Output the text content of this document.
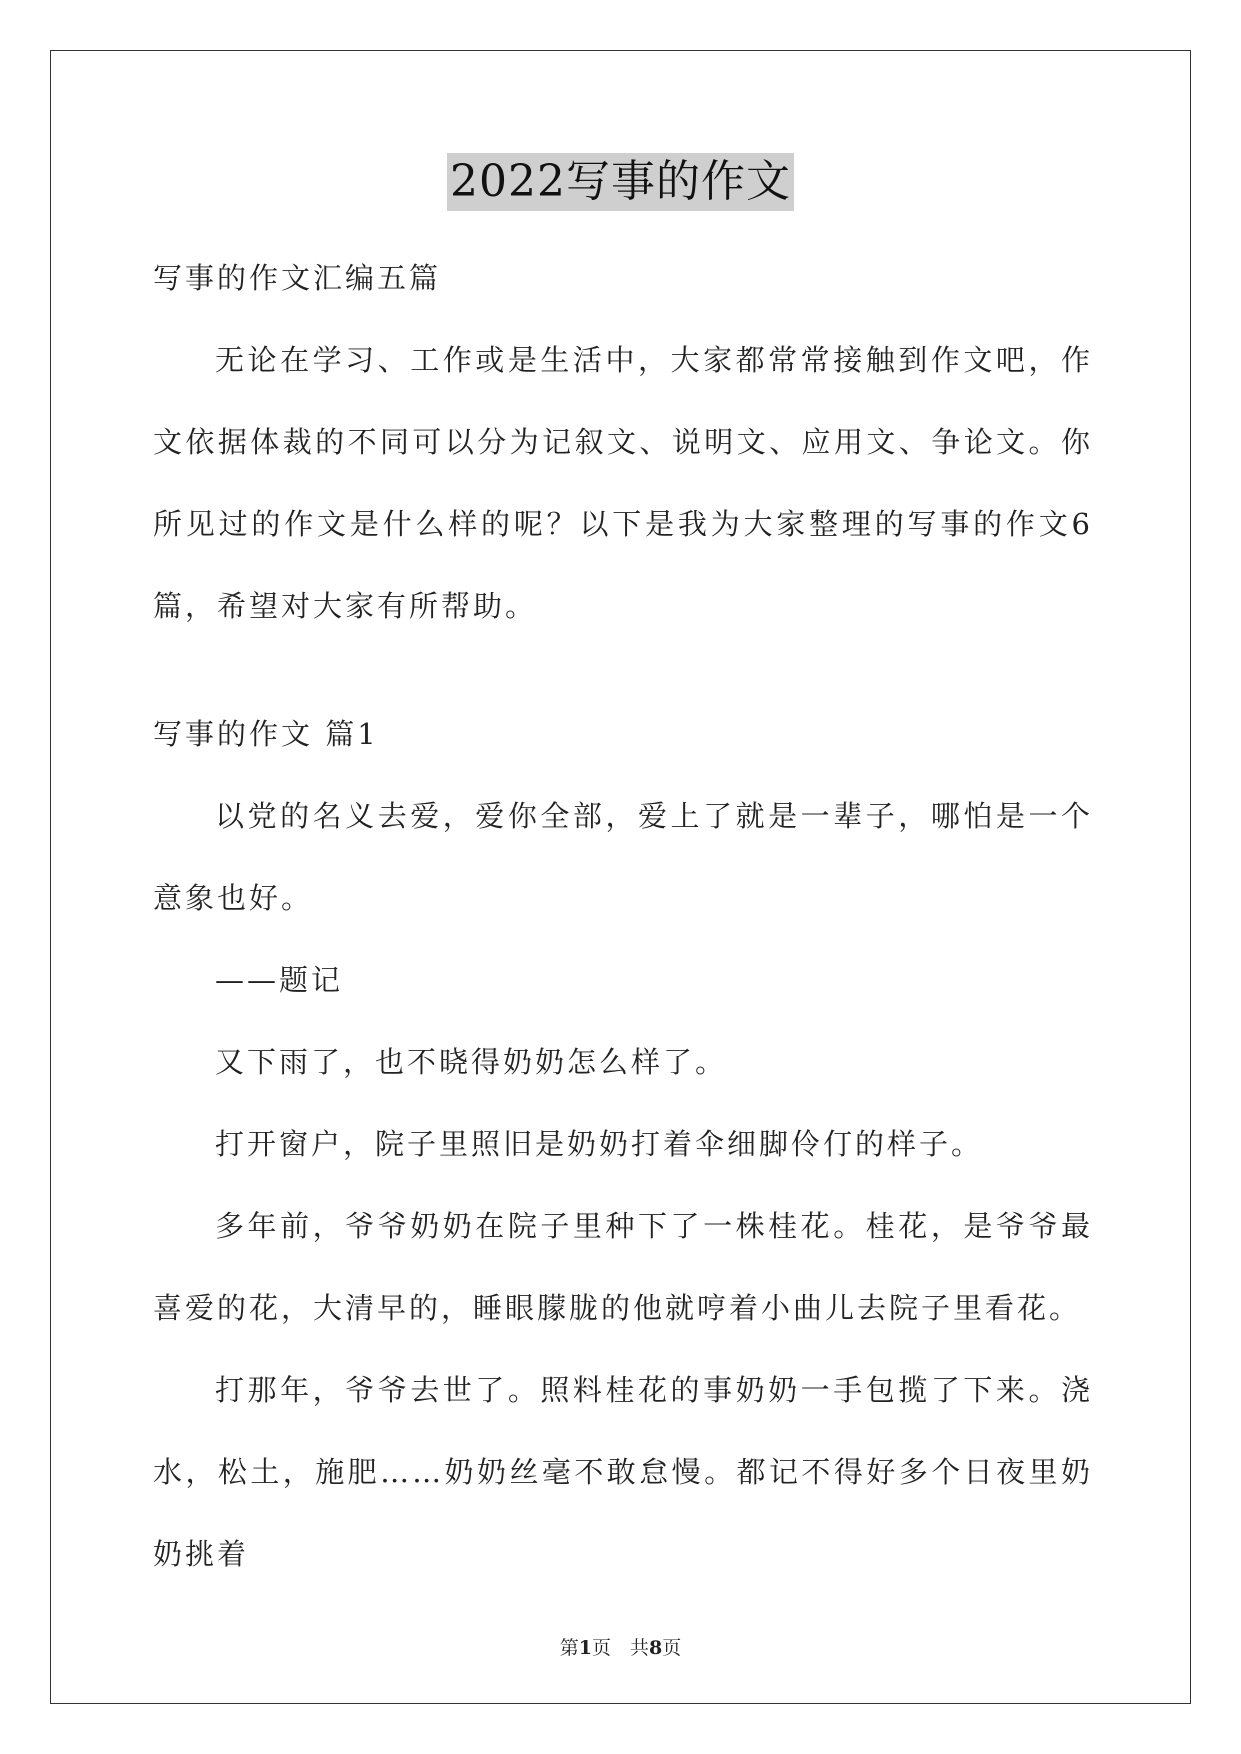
2022写事的作文

写事的作文汇编五篇

无论在学习、工作或是生活中，大家都常常接触到作文吧，作文依据体裁的不同可以分为记叙文、说明文、应用文、争论文。你所见过的作文是什么样的呢？以下是我为大家整理的写事的作文6篇，希望对大家有所帮助。

写事的作文 篇1

以党的名义去爱，爱你全部，爱上了就是一辈子，哪怕是一个意象也好。

——题记

又下雨了，也不晓得奶奶怎么样了。

打开窗户，院子里照旧是奶奶打着伞细脚伶仃的样子。

多年前，爷爷奶奶在院子里种下了一株桂花。桂花，是爷爷最喜爱的花，大清早的，睡眼朦胧的他就哼着小曲儿去院子里看花。

打那年，爷爷去世了。照料桂花的事奶奶一手包揽了下来。浇水，松土，施肥……奶奶丝毫不敢怠慢。都记不得好多个日夜里奶奶挑着

第1页　共8页
